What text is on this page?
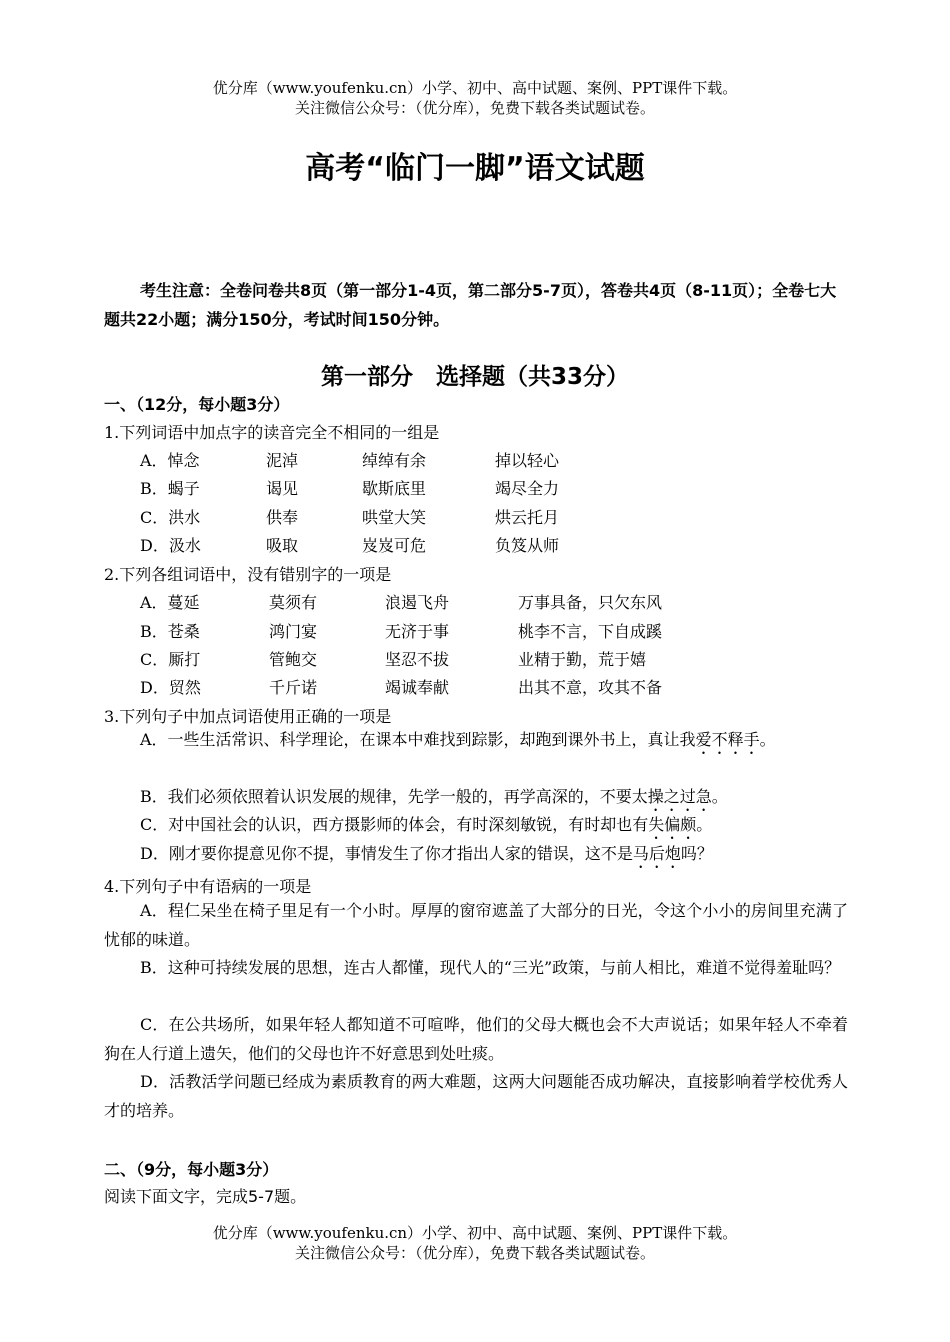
优分库（www.youfenku.cn）小学、初中、高中试题、案例、PPT课件下载。
关注微信公众号：（优分库），免费下载各类试题试卷。
高考“临门一脚”语文试题
考生注意：全卷问卷共8页（第一部分1-4页，第二部分5-7页），答卷共4页（8-11页）；全卷七大题共22小题；满分150分，考试时间150分钟。
第一部分　选择题（共33分）
一、（12分，每小题3分）
1.下列词语中加点字的读音完全不相同的一组是
A．悼念	泥淖	绰绰有余	掉以轻心
B．蝎子	谒见	歇斯底里	竭尽全力
C．洪水	供奉	哄堂大笑	烘云托月
D．汲水	吸取	岌岌可危	负笈从师
2.下列各组词语中，没有错别字的一项是
A．蔓延	莫须有	浪遏飞舟	万事具备，只欠东风
B．苍桑	鸿门宴	无济于事	桃李不言，下自成蹊
C．厮打	管鲍交	坚忍不拔	业精于勤，荒于嬉
D．贸然	千斤诺	竭诚奉献	出其不意，攻其不备
3.下列句子中加点词语使用正确的一项是
A．一些生活常识、科学理论，在课本中难找到踪影，却跑到课外书上，真让我爱不释手。
B．我们必须依照着认识发展的规律，先学一般的，再学高深的，不要太操之过急。
C．对中国社会的认识，西方摄影师的体会，有时深刻敏锐，有时却也有失偏颇。
D．刚才要你提意见你不提，事情发生了你才指出人家的错误，这不是马后炮吗？
4.下列句子中有语病的一项是
A．程仁呆坐在椅子里足有一个小时。厚厚的窗帘遮盖了大部分的日光，令这个小小的房间里充满了忧郁的味道。
B．这种可持续发展的思想，连古人都懂，现代人的“三光”政策，与前人相比，难道不觉得羞耻吗？
C．在公共场所，如果年轻人都知道不可喧哗，他们的父母大概也会不大声说话；如果年轻人不牵着狗在人行道上遗矢，他们的父母也许不好意思到处吐痰。
D．活教活学问题已经成为素质教育的两大难题，这两大问题能否成功解决，直接影响着学校优秀人才的培养。
二、（9分，每小题3分）
阅读下面文字，完成5-7题。
优分库（www.youfenku.cn）小学、初中、高中试题、案例、PPT课件下载。
关注微信公众号：（优分库），免费下载各类试题试卷。
